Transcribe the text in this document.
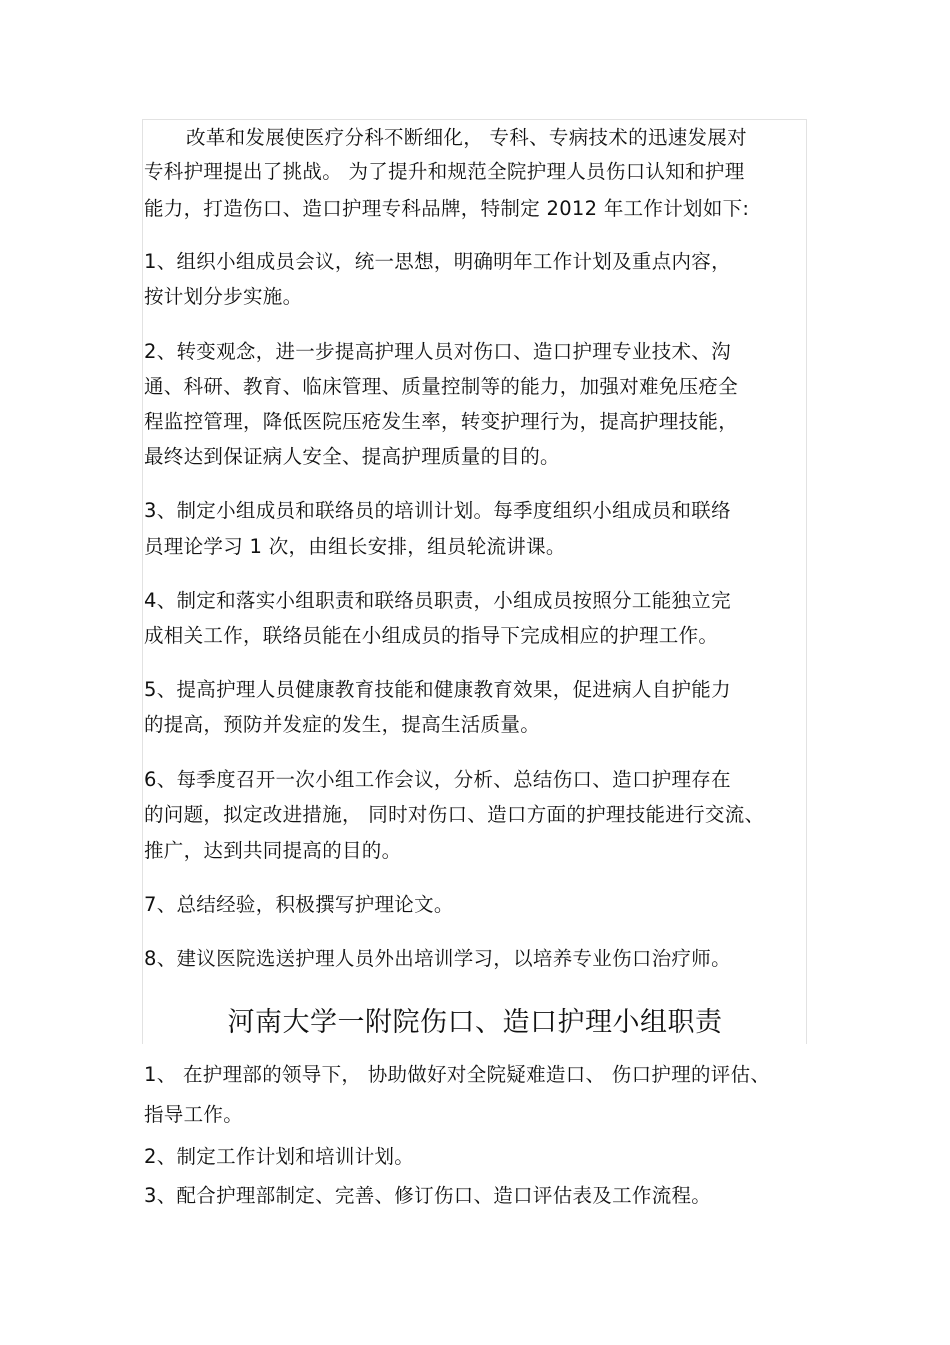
改革和发展使医疗分科不断细化， 专科、专病技术的迅速发展对
专科护理提出了挑战。 为了提升和规范全院护理人员伤口认知和护理
能力，打造伤口、造口护理专科品牌，特制定 2012 年工作计划如下:
1、组织小组成员会议，统一思想，明确明年工作计划及重点内容，
按计划分步实施。
2、转变观念，进一步提高护理人员对伤口、造口护理专业技术、沟
通、科研、教育、临床管理、质量控制等的能力，加强对难免压疮全
程监控管理，降低医院压疮发生率，转变护理行为，提高护理技能，
最终达到保证病人安全、提高护理质量的目的。
3、制定小组成员和联络员的培训计划。每季度组织小组成员和联络
员理论学习 1 次，由组长安排，组员轮流讲课。
4、制定和落实小组职责和联络员职责，小组成员按照分工能独立完
成相关工作，联络员能在小组成员的指导下完成相应的护理工作。
5、提高护理人员健康教育技能和健康教育效果，促进病人自护能力
的提高，预防并发症的发生，提高生活质量。
6、每季度召开一次小组工作会议，分析、总结伤口、造口护理存在
的问题，拟定改进措施， 同时对伤口、造口方面的护理技能进行交流、
推广，达到共同提高的目的。
7、总结经验，积极撰写护理论文。
8、建议医院选送护理人员外出培训学习，以培养专业伤口治疗师。
河南大学一附院伤口、造口护理小组职责
1、 在护理部的领导下， 协助做好对全院疑难造口、 伤口护理的评估、
指导工作。
2、制定工作计划和培训计划。
3、配合护理部制定、完善、修订伤口、造口评估表及工作流程。
